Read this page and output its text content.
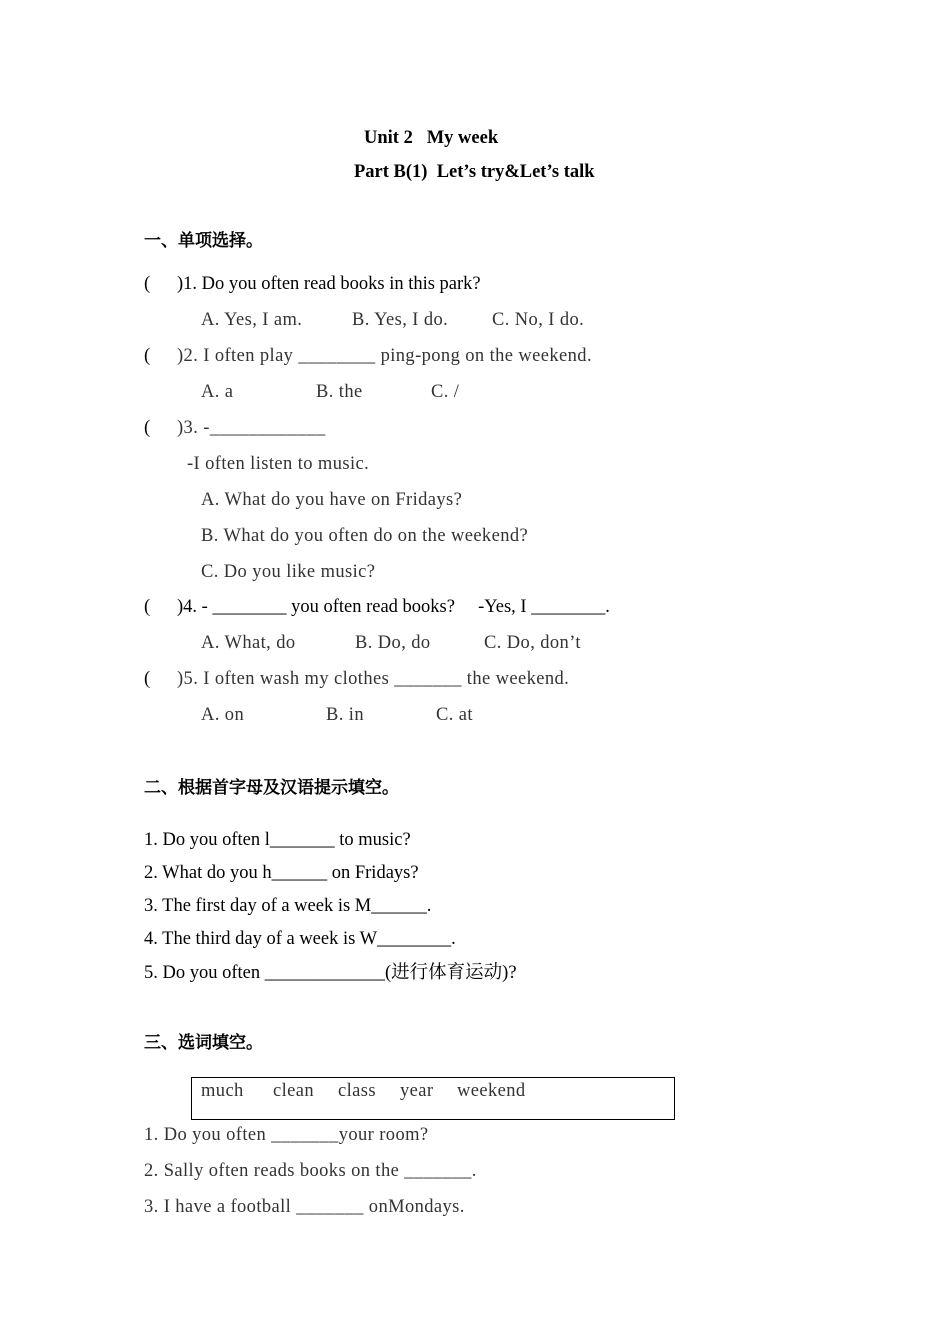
Unit 2   My week
Part B(1)  Let’s try&Let’s talk
一、单项选择。
( )1. Do you often read books in this park?
A. Yes, I am.	B. Yes, I do. C. No, I do.
( )2. I often play ________ ping-pong on the weekend.
A. a	B. the	C. /
( )3. -____________
-I often listen to music.
A. What do you have on Fridays?
B. What do you often do on the weekend?
C. Do you like music?
( )4. - ________ you often read books?     -Yes, I ________.
A. What, do	B. Do, do	C. Do, don’t
( )5. I often wash my clothes _______ the weekend.
A. on	B. in	C. at
二、根据首字母及汉语提示填空。
1. Do you often l_______ to music?
2. What do you h______ on Fridays?
3. The first day of a week is M______.
4. The third day of a week is W________.
5. Do you often _____________(进行体育运动)?
三、选词填空。
much clean class year weekend
1. Do you often _______your room?
2. Sally often reads books on the _______.
3. I have a football _______ onMondays.
